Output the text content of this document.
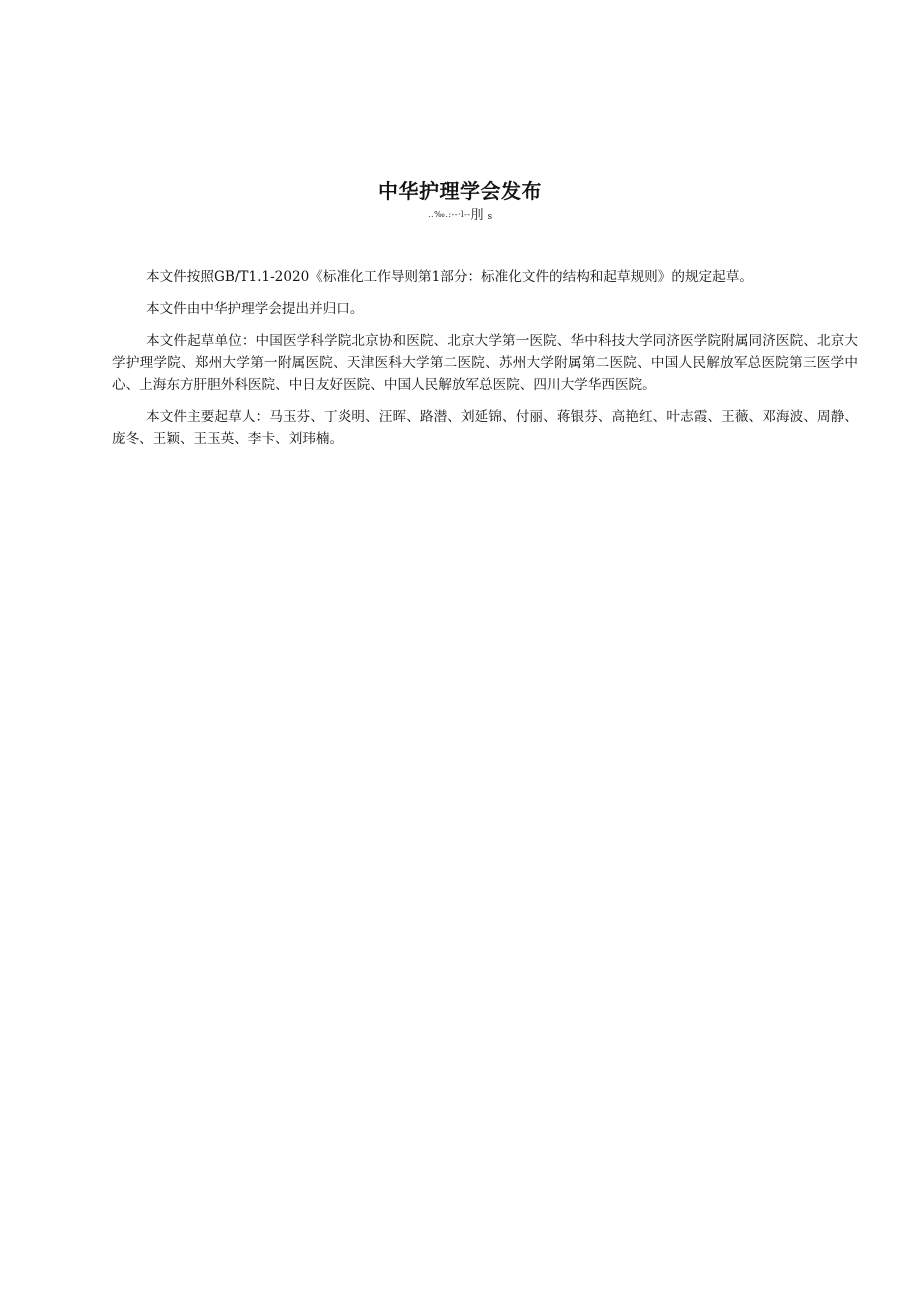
中华护理学会发布
..‰.:--·l--刖 s

本文件按照GB/T1.1-2020《标准化工作导则第1部分：标准化文件的结构和起草规则》的规定起草。

本文件由中华护理学会提出并归口。

本文件起草单位：中国医学科学院北京协和医院、北京大学第一医院、华中科技大学同济医学院附属同济医院、北京大学护理学院、郑州大学第一附属医院、天津医科大学第二医院、苏州大学附属第二医院、中国人民解放军总医院第三医学中心、上海东方肝胆外科医院、中日友好医院、中国人民解放军总医院、四川大学华西医院。

本文件主要起草人：马玉芬、丁炎明、汪晖、路潜、刘延锦、付丽、蒋银芬、高艳红、叶志霞、王薇、邓海波、周静、庞冬、王颖、王玉英、李卡、刘玮楠。
